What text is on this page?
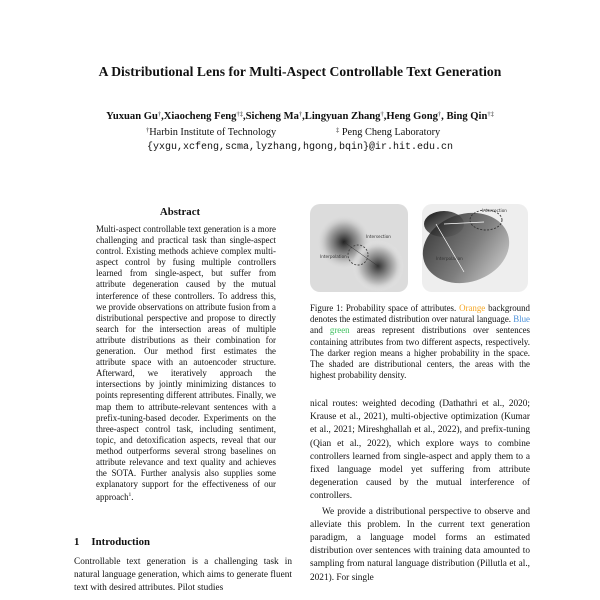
A Distributional Lens for Multi-Aspect Controllable Text Generation
Yuxuan Gu†,Xiaocheng Feng†‡,Sicheng Ma†,Lingyuan Zhang†,Heng Gong†, Bing Qin†‡
†Harbin Institute of Technology	‡ Peng Cheng Laboratory
{yxgu,xcfeng,scma,lyzhang,hgong,bqin}@ir.hit.edu.cn
Abstract
Multi-aspect controllable text generation is a more challenging and practical task than single-aspect control. Existing methods achieve complex multi-aspect control by fusing multiple controllers learned from single-aspect, but suffer from attribute degeneration caused by the mutual interference of these controllers. To address this, we provide observations on attribute fusion from a distributional perspective and propose to directly search for the intersection areas of multiple attribute distributions as their combination for generation. Our method first estimates the attribute space with an autoencoder structure. Afterward, we iteratively approach the intersections by jointly minimizing distances to points representing different attributes. Finally, we map them to attribute-relevant sentences with a prefix-tuning-based decoder. Experiments on the three-aspect control task, including sentiment, topic, and detoxification aspects, reveal that our method outperforms several strong baselines on attribute relevance and text quality and achieves the SOTA. Further analysis also supplies some explanatory support for the effectiveness of our approach$^1$.
1 Introduction
Controllable text generation is a challenging task in natural language generation, which aims to generate fluent text with desired attributes. Pilot studies
Intersection
Interpolation
Intersection
Interpolation
Figure 1: Probability space of attributes. Orange background denotes the estimated distribution over natural language. Blue and green areas represent distributions over sentences containing attributes from two different aspects, respectively. The darker region means a higher probability in the space. The shaded are distributional centers, the areas with the highest probability density.

nical routes: weighted decoding (Dathathri et al., 2020; Krause et al., 2021), multi-objective optimization (Kumar et al., 2021; Mireshghallah et al., 2022), and prefix-tuning (Qian et al., 2022), which explore ways to combine controllers learned from single-aspect and apply them to a fixed language model yet suffering from attribute degeneration caused by the mutual interference of controllers.

We provide a distributional perspective to observe and alleviate this problem. In the current text generation paradigm, a language model forms an estimated distribution over sentences with training data amounted to sampling from natural language distribution (Pillutla et al., 2021). For single
